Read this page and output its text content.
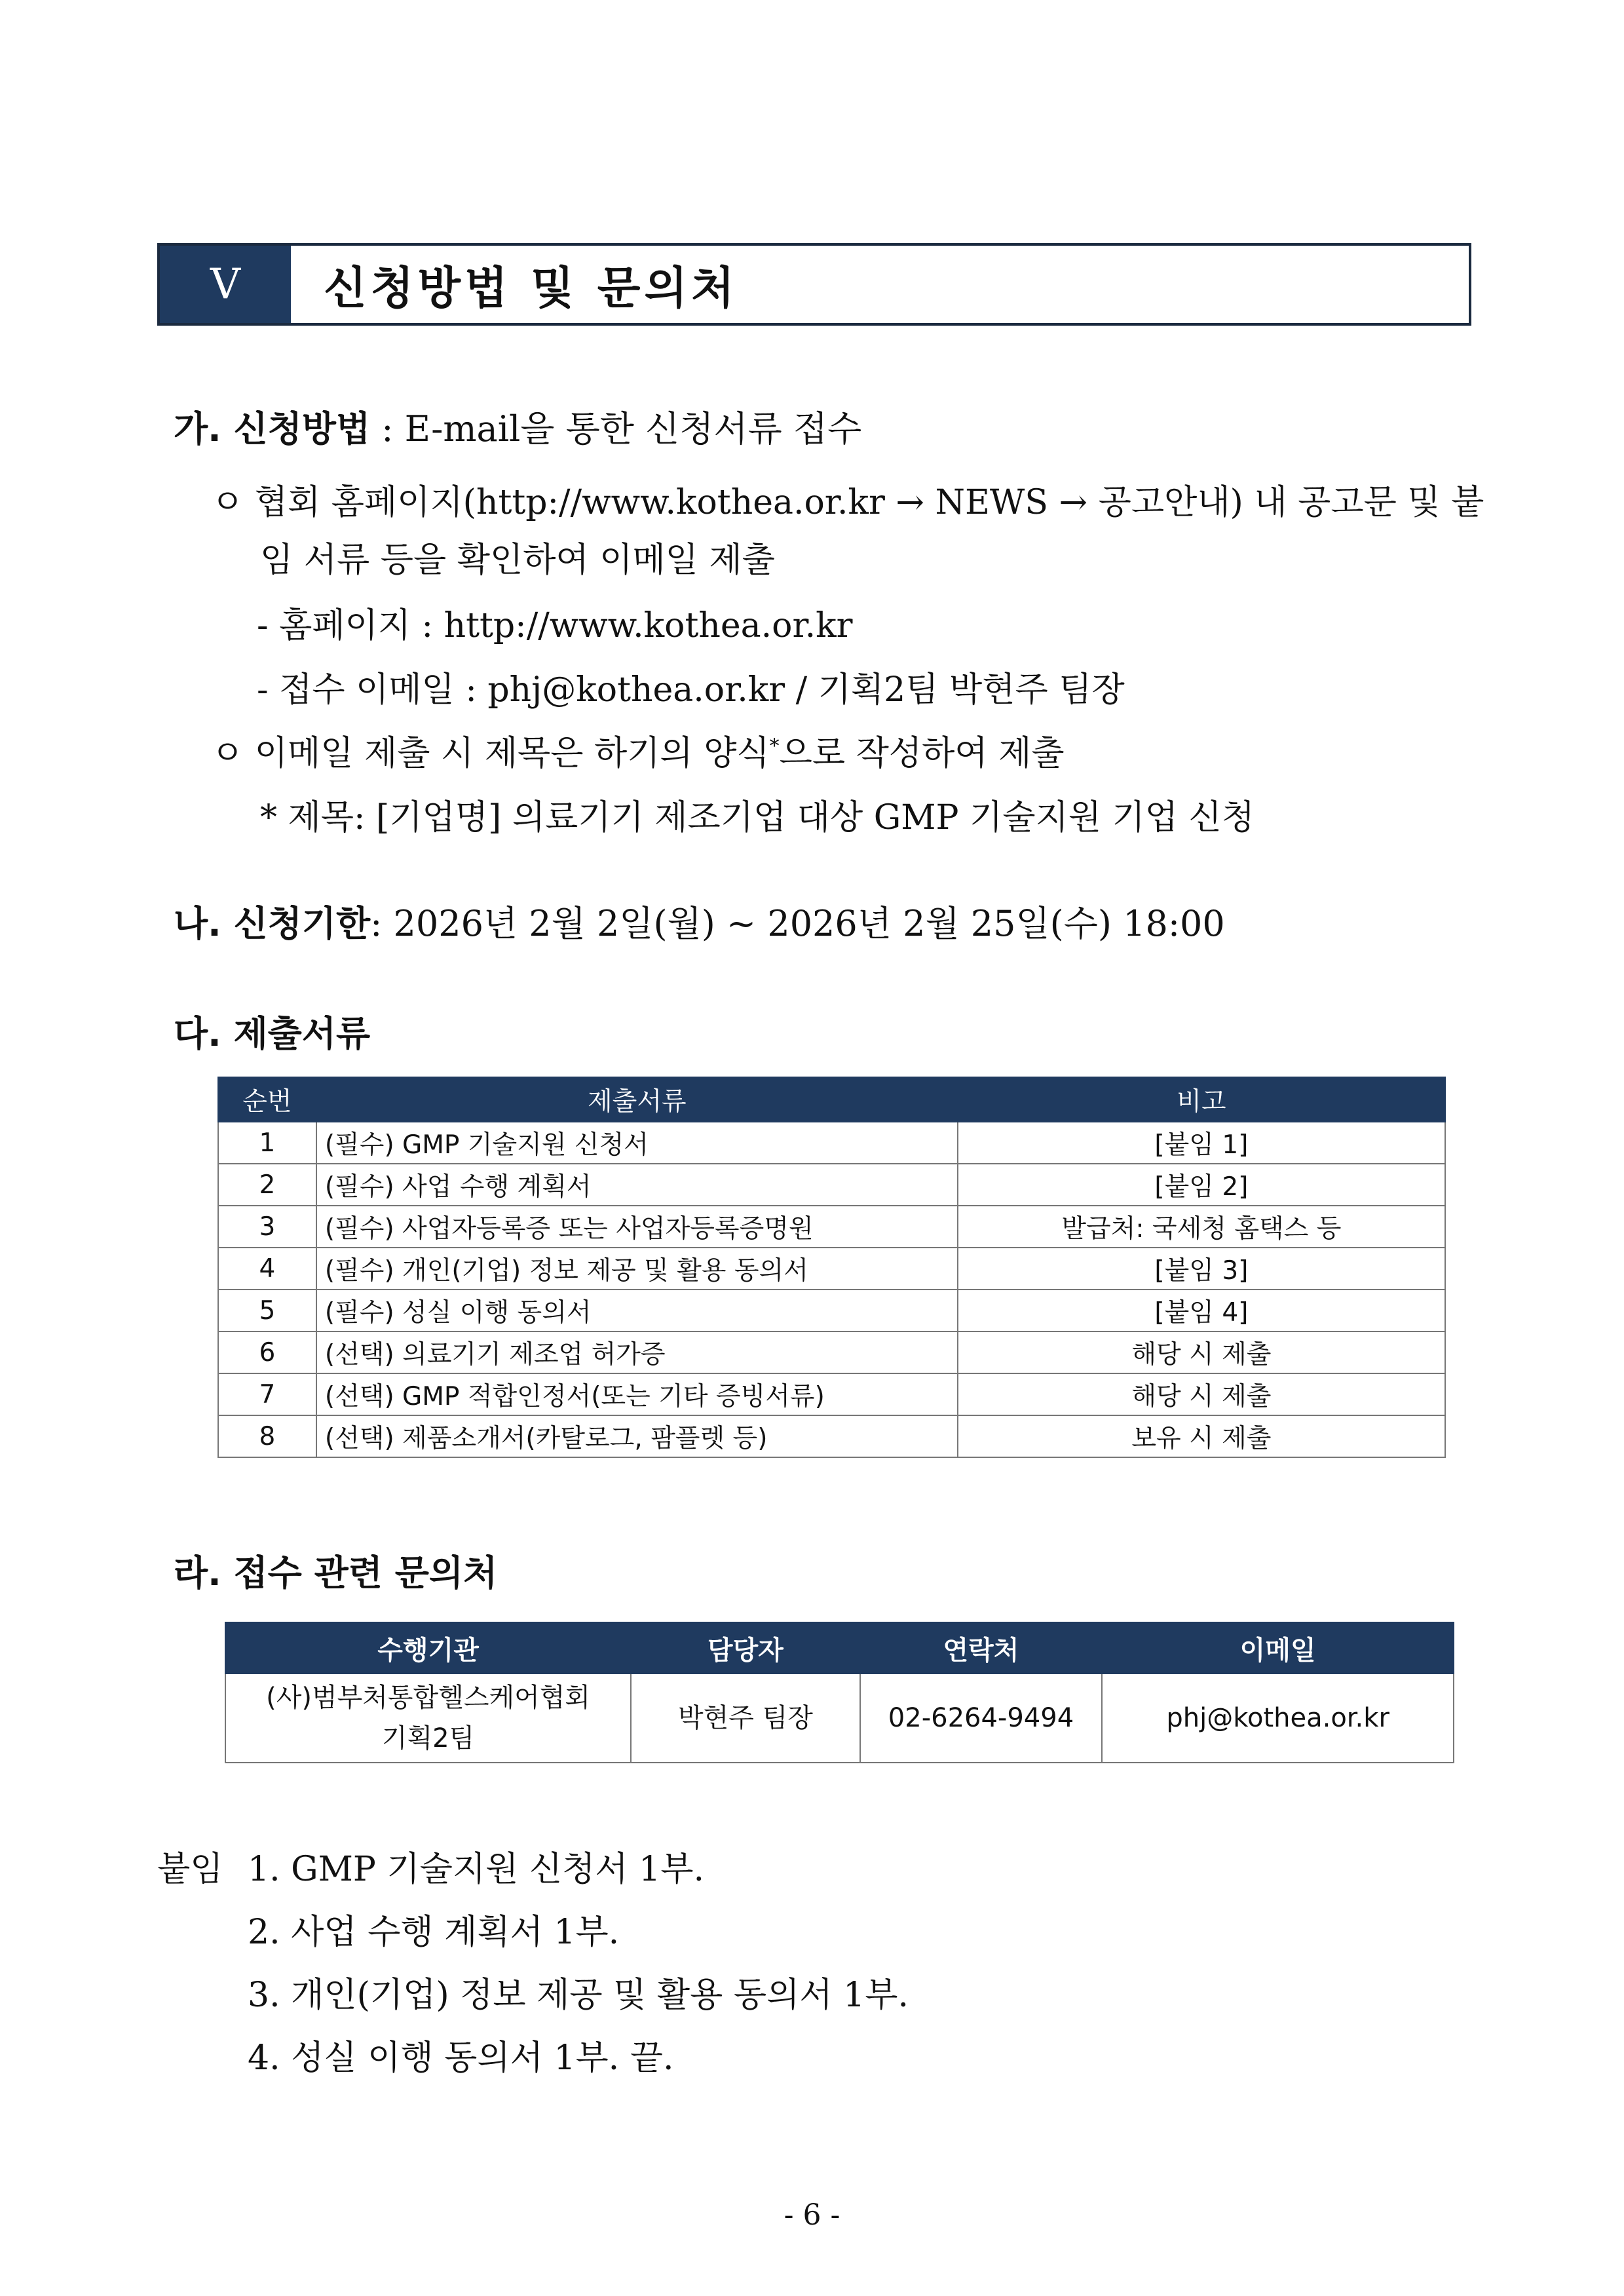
V	신청방법 및 문의처
가. 신청방법 : E-mail을 통한 신청서류 접수
ㅇ 협회 홈페이지(http://www.kothea.or.kr → NEWS → 공고안내) 내 공고문 및 붙
임 서류 등을 확인하여 이메일 제출
- 홈페이지 : http://www.kothea.or.kr
- 접수 이메일 : phj@kothea.or.kr / 기획2팀 박현주 팀장
ㅇ 이메일 제출 시 제목은 하기의 양식*으로 작성하여 제출
* 제목: [기업명] 의료기기 제조기업 대상 GMP 기술지원 기업 신청
나. 신청기한: 2026년 2월 2일(월) ~ 2026년 2월 25일(수) 18:00
다. 제출서류
순번	제출서류	비고
1	(필수) GMP 기술지원 신청서	[붙임 1]
2	(필수) 사업 수행 계획서	[붙임 2]
3	(필수) 사업자등록증 또는 사업자등록증명원	발급처: 국세청 홈택스 등
4	(필수) 개인(기업) 정보 제공 및 활용 동의서	[붙임 3]
5	(필수) 성실 이행 동의서	[붙임 4]
6	(선택) 의료기기 제조업 허가증	해당 시 제출
7	(선택) GMP 적합인정서(또는 기타 증빙서류)	해당 시 제출
8	(선택) 제품소개서(카탈로그, 팜플렛 등)	보유 시 제출
라. 접수 관련 문의처
수행기관	담당자	연락처	이메일

(사)범부처통합헬스케어협회
기획2팀	박현주 팀장	02-6264-9494	phj@kothea.or.kr
붙임 1. GMP 기술지원 신청서 1부.
2. 사업 수행 계획서 1부.
3. 개인(기업) 정보 제공 및 활용 동의서 1부.
4. 성실 이행 동의서 1부. 끝.
- 6 -
